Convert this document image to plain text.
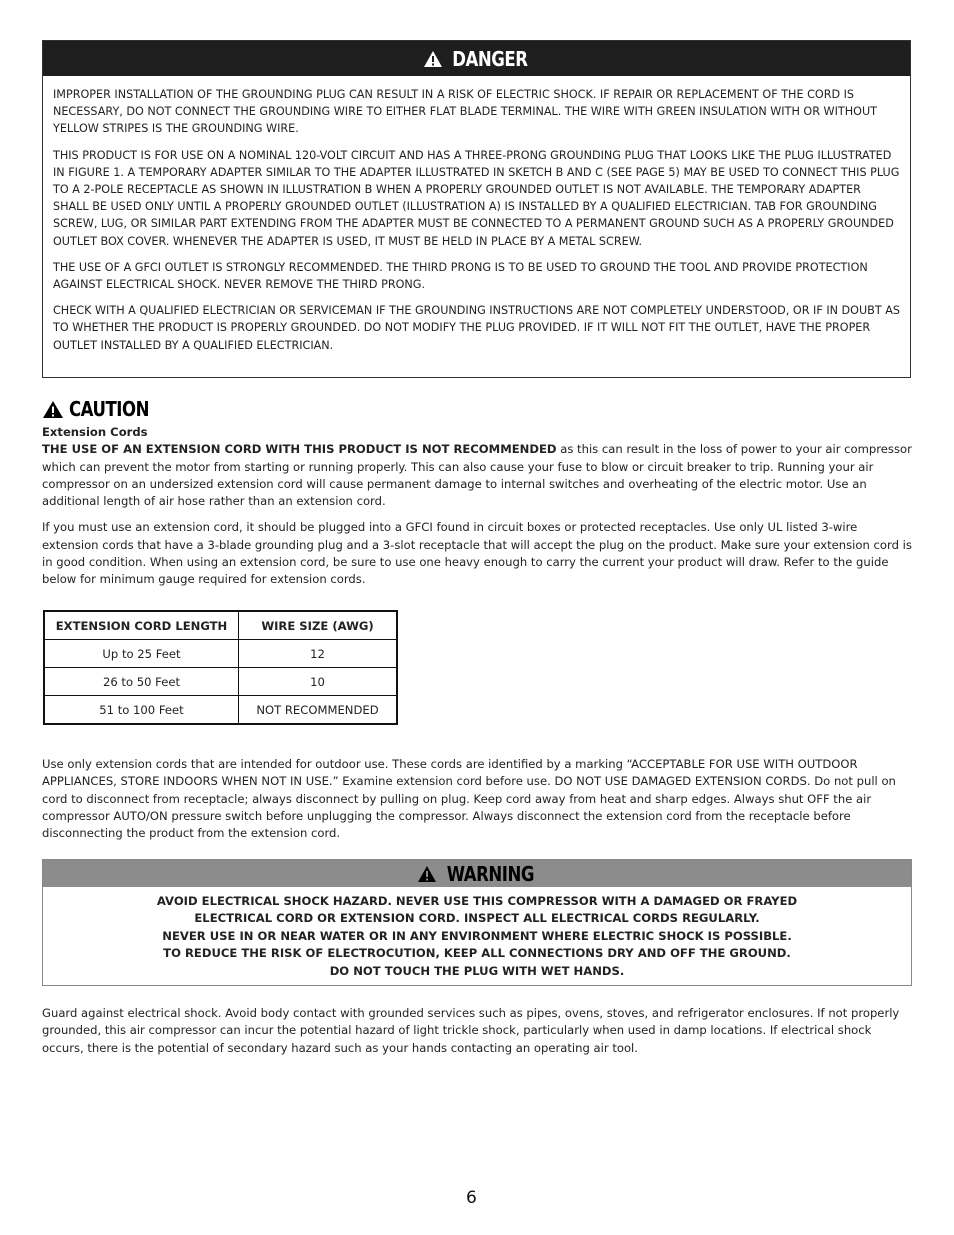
DANGER

IMPROPER INSTALLATION OF THE GROUNDING PLUG CAN RESULT IN A RISK OF ELECTRIC SHOCK. IF REPAIR OR REPLACEMENT OF THE CORD IS NECESSARY, DO NOT CONNECT THE GROUNDING WIRE TO EITHER FLAT BLADE TERMINAL. THE WIRE WITH GREEN INSULATION WITH OR WITHOUT YELLOW STRIPES IS THE GROUNDING WIRE.

THIS PRODUCT IS FOR USE ON A NOMINAL 120-VOLT CIRCUIT AND HAS A THREE-PRONG GROUNDING PLUG THAT LOOKS LIKE THE PLUG ILLUSTRATED IN FIGURE 1. A TEMPORARY ADAPTER SIMILAR TO THE ADAPTER ILLUSTRATED IN SKETCH B AND C (SEE PAGE 5) MAY BE USED TO CONNECT THIS PLUG TO A 2-POLE RECEPTACLE AS SHOWN IN ILLUSTRATION B WHEN A PROPERLY GROUNDED OUTLET IS NOT AVAILABLE. THE TEMPORARY ADAPTER SHALL BE USED ONLY UNTIL A PROPERLY GROUNDED OUTLET (ILLUSTRATION A) IS INSTALLED BY A QUALIFIED ELECTRICIAN. TAB FOR GROUNDING SCREW, LUG, OR SIMILAR PART EXTENDING FROM THE ADAPTER MUST BE CONNECTED TO A PERMANENT GROUND SUCH AS A PROPERLY GROUNDED OUTLET BOX COVER. WHENEVER THE ADAPTER IS USED, IT MUST BE HELD IN PLACE BY A METAL SCREW.

THE USE OF A GFCI OUTLET IS STRONGLY RECOMMENDED. THE THIRD PRONG IS TO BE USED TO GROUND THE TOOL AND PROVIDE PROTECTION AGAINST ELECTRICAL SHOCK. NEVER REMOVE THE THIRD PRONG.

CHECK WITH A QUALIFIED ELECTRICIAN OR SERVICEMAN IF THE GROUNDING INSTRUCTIONS ARE NOT COMPLETELY UNDERSTOOD, OR IF IN DOUBT AS TO WHETHER THE PRODUCT IS PROPERLY GROUNDED. DO NOT MODIFY THE PLUG PROVIDED. IF IT WILL NOT FIT THE OUTLET, HAVE THE PROPER OUTLET INSTALLED BY A QUALIFIED ELECTRICIAN.

CAUTION
Extension Cords

THE USE OF AN EXTENSION CORD WITH THIS PRODUCT IS NOT RECOMMENDED as this can result in the loss of power to your air compressor which can prevent the motor from starting or running properly. This can also cause your fuse to blow or circuit breaker to trip. Running your air compressor on an undersized extension cord will cause permanent damage to internal switches and overheating of the electric motor. Use an additional length of air hose rather than an extension cord.

If you must use an extension cord, it should be plugged into a GFCI found in circuit boxes or protected receptacles. Use only UL listed 3-wire extension cords that have a 3-blade grounding plug and a 3-slot receptacle that will accept the plug on the product. Make sure your extension cord is in good condition. When using an extension cord, be sure to use one heavy enough to carry the current your product will draw. Refer to the guide below for minimum gauge required for extension cords.

EXTENSION CORD LENGTH	WIRE SIZE (AWG)
Up to 25 Feet	12
26 to 50 Feet	10
51 to 100 Feet	NOT RECOMMENDED

Use only extension cords that are intended for outdoor use. These cords are identified by a marking “ACCEPTABLE FOR USE WITH OUTDOOR APPLIANCES, STORE INDOORS WHEN NOT IN USE.” Examine extension cord before use. DO NOT USE DAMAGED EXTENSION CORDS. Do not pull on cord to disconnect from receptacle; always disconnect by pulling on plug. Keep cord away from heat and sharp edges. Always shut OFF the air compressor AUTO/ON pressure switch before unplugging the compressor. Always disconnect the extension cord from the receptacle before disconnecting the product from the extension cord.

WARNING
AVOID ELECTRICAL SHOCK HAZARD. NEVER USE THIS COMPRESSOR WITH A DAMAGED OR FRAYED
ELECTRICAL CORD OR EXTENSION CORD. INSPECT ALL ELECTRICAL CORDS REGULARLY.
NEVER USE IN OR NEAR WATER OR IN ANY ENVIRONMENT WHERE ELECTRIC SHOCK IS POSSIBLE.
TO REDUCE THE RISK OF ELECTROCUTION, KEEP ALL CONNECTIONS DRY AND OFF THE GROUND.
DO NOT TOUCH THE PLUG WITH WET HANDS.

Guard against electrical shock. Avoid body contact with grounded services such as pipes, ovens, stoves, and refrigerator enclosures. If not properly grounded, this air compressor can incur the potential hazard of light trickle shock, particularly when used in damp locations. If electrical shock occurs, there is the potential of secondary hazard such as your hands contacting an operating air tool.

6
